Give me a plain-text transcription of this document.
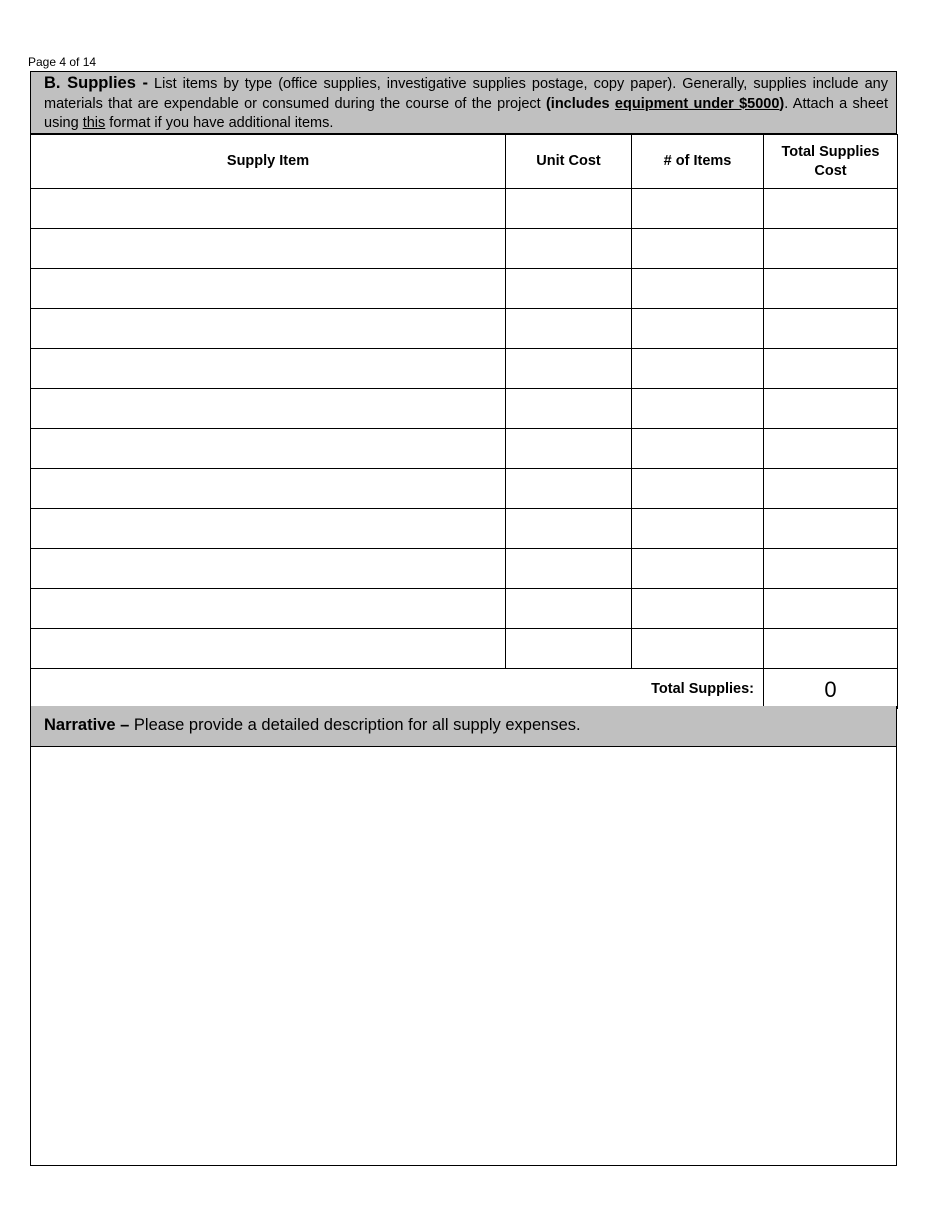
Page 4 of 14
B. Supplies - List items by type (office supplies, investigative supplies postage, copy paper). Generally, supplies include any materials that are expendable or consumed during the course of the project (includes equipment under $5000). Attach a sheet using this format if you have additional items.
Supply Item	Unit Cost	# of Items	Total Supplies Cost

Total Supplies:			0
Narrative – Please provide a detailed description for all supply expenses.
